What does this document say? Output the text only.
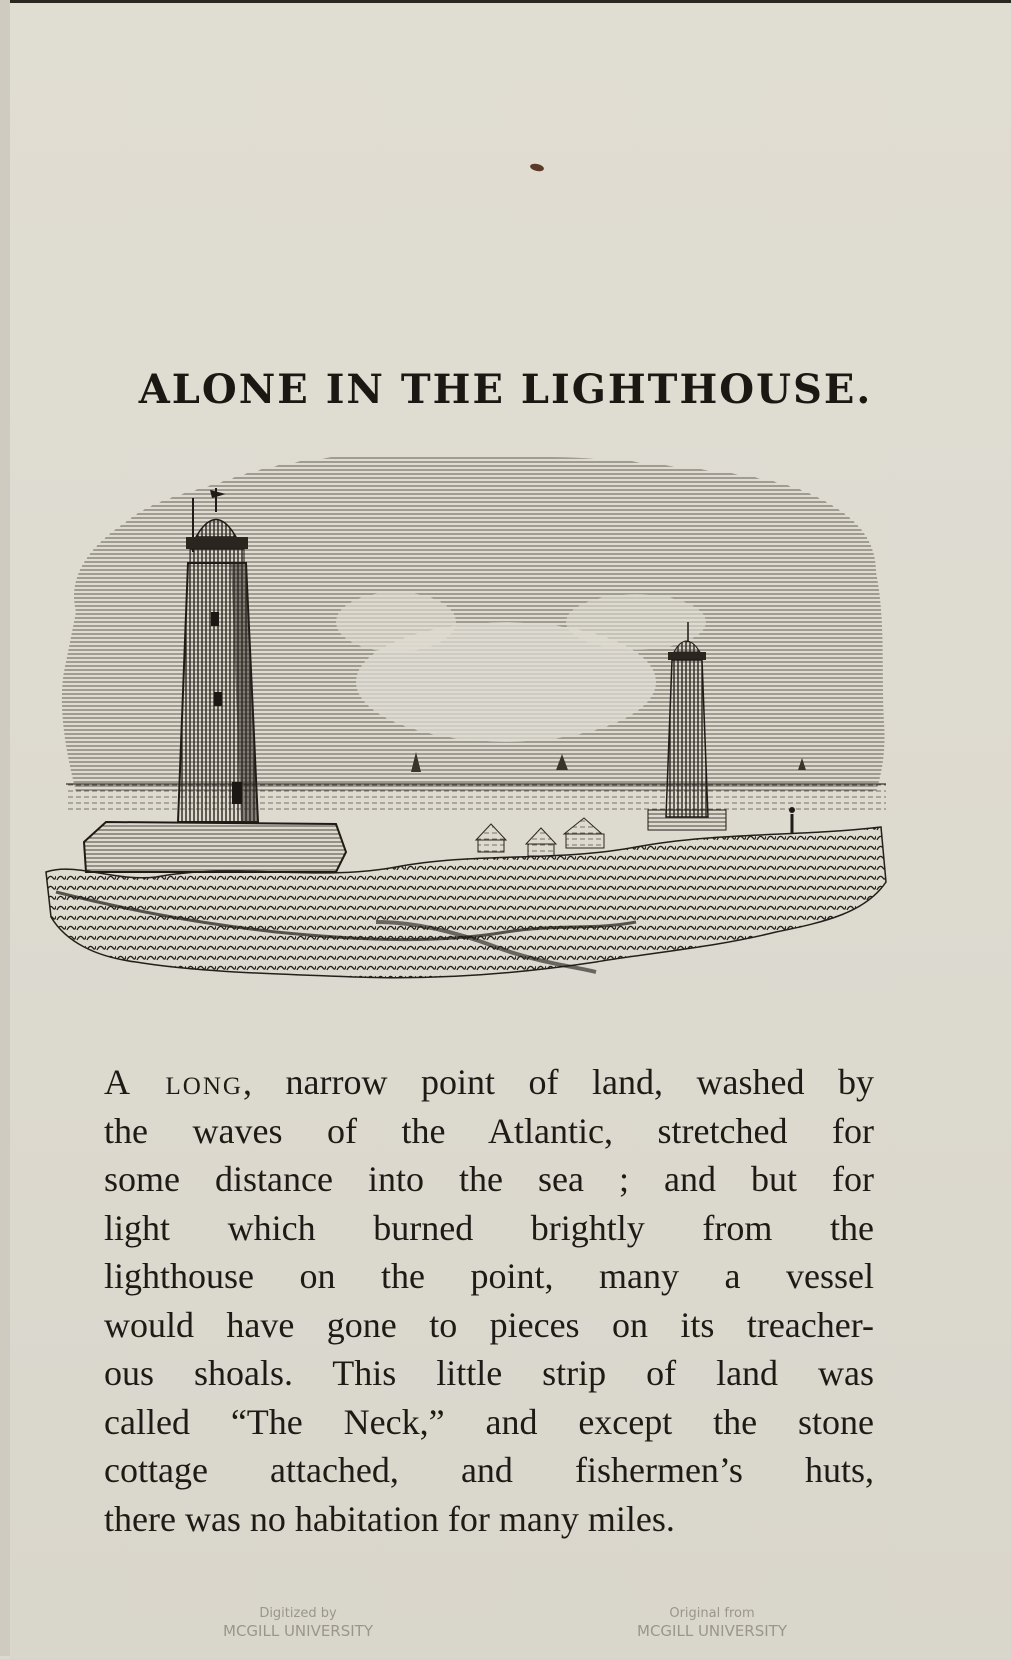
ALONE IN THE LIGHTHOUSE.
A long, narrow point of land, washed by
the waves of the Atlantic, stretched for
some distance into the sea ; and but for
light which burned brightly from the
lighthouse on the point, many a vessel
would have gone to pieces on its treacher-
ous shoals. This little strip of land was
called “The Neck,” and except the stone
cottage attached, and fishermen’s huts,
there was no habitation for many miles.
Digitized by
MCGILL UNIVERSITY
Original from
MCGILL UNIVERSITY
